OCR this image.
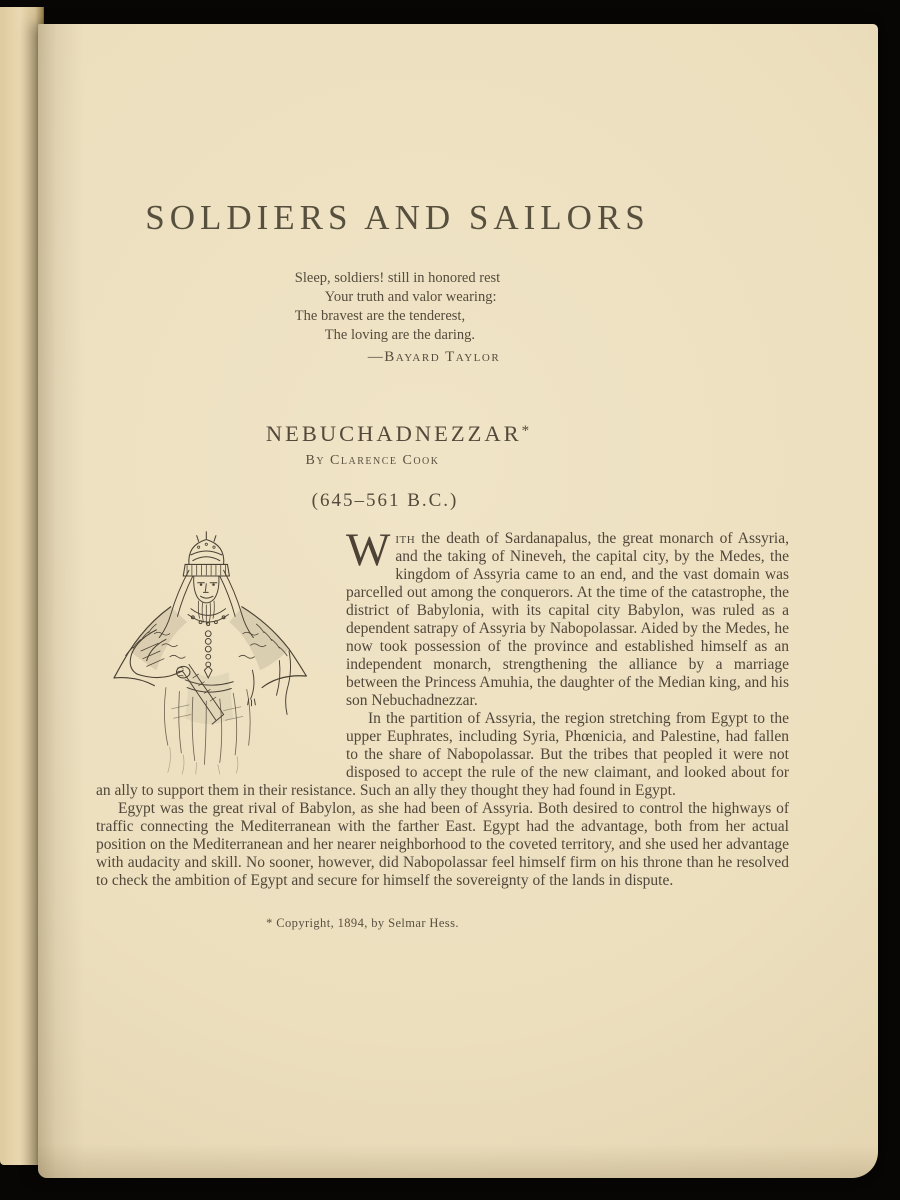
SOLDIERS AND SAILORS
Sleep, soldiers! still in honored rest
Your truth and valor wearing:
The bravest are the tenderest,
The loving are the daring.
—Bayard Taylor
NEBUCHADNEZZAR*
By Clarence Cook
(645–561 B.C.)

With the death of Sardanapalus, the great monarch of Assyria, and the taking of Nineveh, the capital city, by the Medes, the kingdom of Assyria came to an end, and the vast domain was parcelled out among the conquerors. At the time of the catastrophe, the district of Babylonia, with its capital city Babylon, was ruled as a dependent satrapy of Assyria by Nabopolassar. Aided by the Medes, he now took possession of the province and established himself as an independent monarch, strengthening the alliance by a marriage between the Princess Amuhia, the daughter of the Median king, and his son Nebuchadnezzar.

In the partition of Assyria, the region stretching from Egypt to the upper Euphrates, including Syria, Phœnicia, and Palestine, had fallen to the share of Nabopolassar. But the tribes that peopled it were not disposed to accept the rule of the new claimant, and looked about for an ally to support them in their resistance. Such an ally they thought they had found in Egypt.

Egypt was the great rival of Babylon, as she had been of Assyria. Both desired to control the highways of traffic connecting the Mediterranean with the farther East. Egypt had the advantage, both from her actual position on the Mediterranean and her nearer neighborhood to the coveted territory, and she used her advantage with audacity and skill. No sooner, however, did Nabopolassar feel himself firm on his throne than he resolved to check the ambition of Egypt and secure for himself the sovereignty of the lands in dispute.

* Copyright, 1894, by Selmar Hess.
